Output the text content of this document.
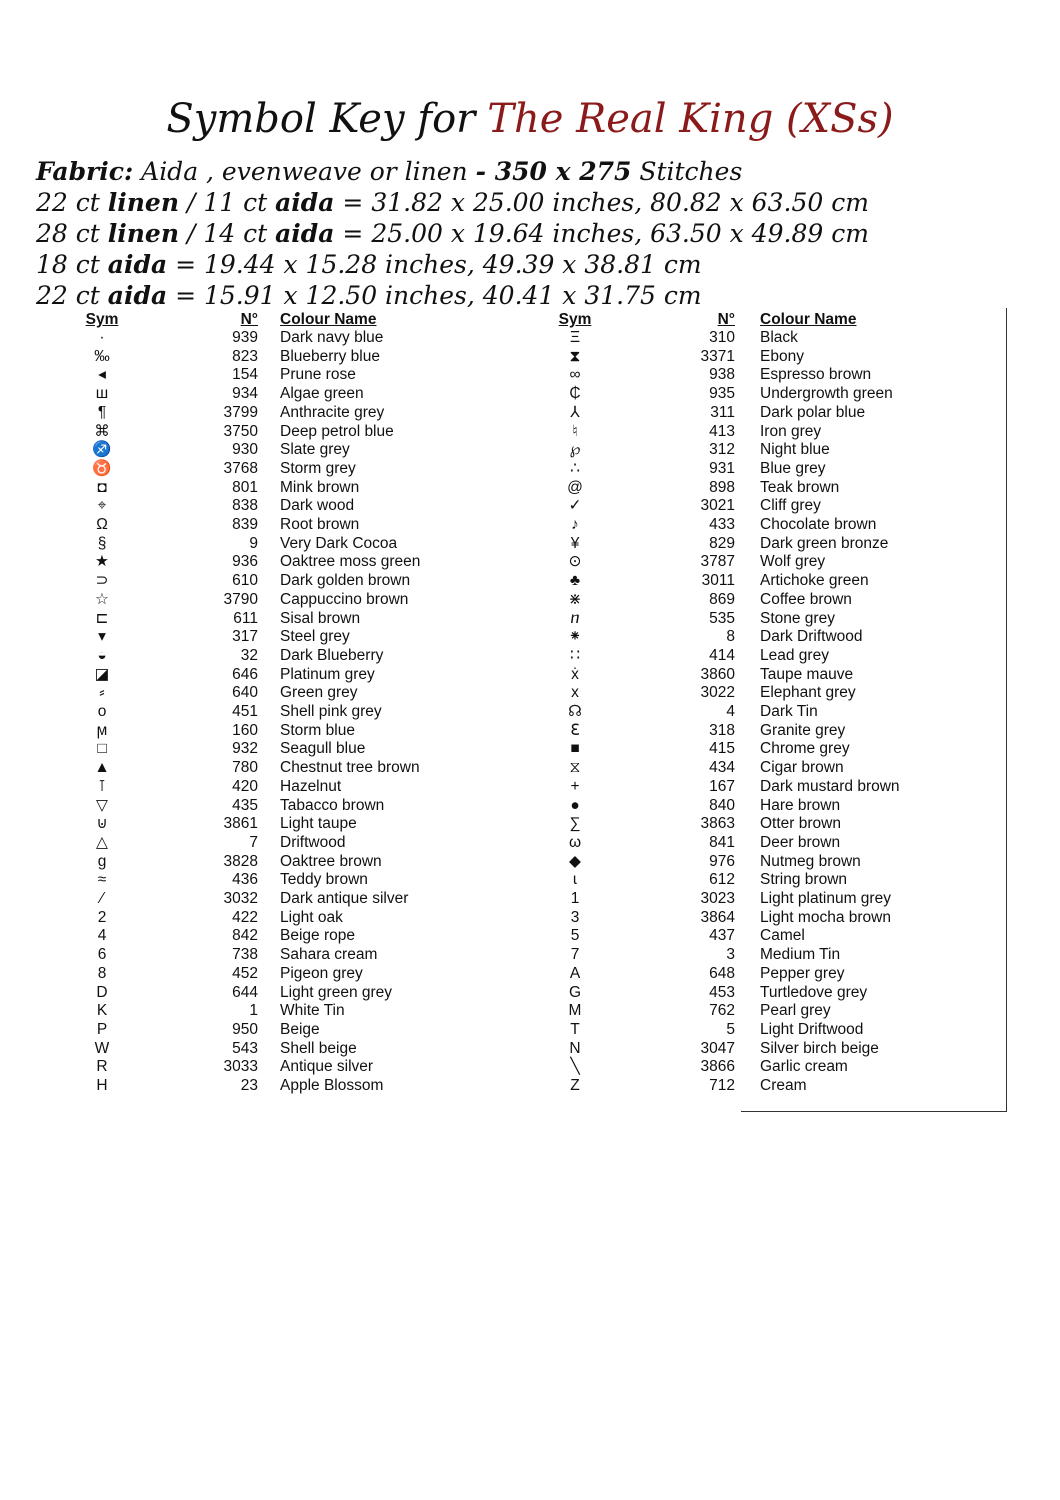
Symbol Key for The Real King (XSs)
Fabric: Aida , evenweave or linen - 350 x 275 Stitches
22 ct linen / 11 ct aida = 31.82 x 25.00 inches, 80.82 x 63.50 cm
28 ct linen / 14 ct aida = 25.00 x 19.64 inches, 63.50 x 49.89 cm
18 ct aida = 19.44 x 15.28 inches, 49.39 x 38.81 cm
22 ct aida = 15.91 x 12.50 inches, 40.41 x 31.75 cm
Sym	N° Colour Name	Sym	N° Colour Name
·	939 Dark navy blue
‰	823 Blueberry blue
◂	154 Prune rose
ш	934 Algae green
¶	3799 Anthracite grey
⌘	3750 Deep petrol blue
♐	930 Slate grey
♉	3768 Storm grey
◘	801 Mink brown
⌖	838 Dark wood
Ω	839 Root brown
§	9 Very Dark Cocoa
★	936 Oaktree moss green
⊃	610 Dark golden brown
☆	3790 Cappuccino brown
⊏	611 Sisal brown
▾	317 Steel grey
◒	32 Dark Blueberry
◪	646 Platinum grey
⸗	640 Green grey
o	451 Shell pink grey
ϻ	160 Storm blue
□	932 Seagull blue
▲	780 Chestnut tree brown
⊺	420 Hazelnut
▽	435 Tabacco brown
⊍	3861 Light taupe
△	7 Driftwood
g	3828 Oaktree brown
≈	436 Teddy brown
⁄	3032 Dark antique silver
2	422 Light oak
4	842 Beige rope
6	738 Sahara cream
8	452 Pigeon grey
D	644 Light green grey
K	1 White Tin
P	950 Beige
W	543 Shell beige
R	3033 Antique silver
H	23 Apple Blossom
Ξ	310 Black
⧗	3371 Ebony
∞	938 Espresso brown
₵	935 Undergrowth green
⅄	311 Dark polar blue
♮	413 Iron grey
℘	312 Night blue
∴	931 Blue grey
@	898 Teak brown
✓	3021 Cliff grey
♪	433 Chocolate brown
¥	829 Dark green bronze
⊙	3787 Wolf grey
♣	3011 Artichoke green
⋇	869 Coffee brown
ⴖ	535 Stone grey
⁕	8 Dark Driftwood
∷	414 Lead grey
ẋ	3860 Taupe mauve
x	3022 Elephant grey
☊	4 Dark Tin
ℇ	318 Granite grey
■	415 Chrome grey
⧖	434 Cigar brown
+	167 Dark mustard brown
●	840 Hare brown
∑	3863 Otter brown
ω	841 Deer brown
◆	976 Nutmeg brown
ɩ	612 String brown
1	3023 Light platinum grey
3	3864 Light mocha brown
5	437 Camel
7	3 Medium Tin
A	648 Pepper grey
G	453 Turtledove grey
M	762 Pearl grey
T	5 Light Driftwood
N	3047 Silver birch beige
╲	3866 Garlic cream
Z	712 Cream
